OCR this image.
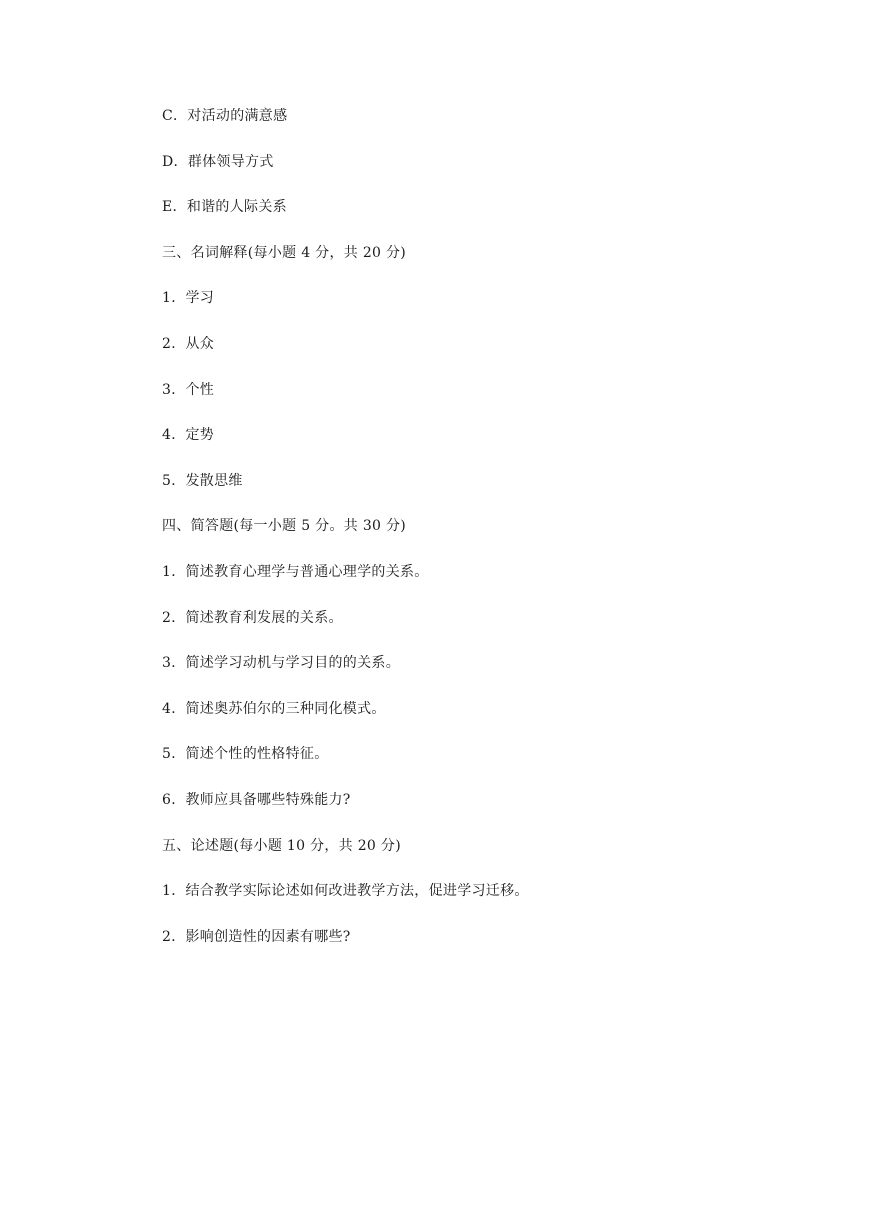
C．对活动的满意感
D．群体领导方式
E．和谐的人际关系
三、名词解释(每小题 4 分，共 20 分)
1．学习
2．从众
3．个性
4．定势
5．发散思维
四、简答题(每一小题 5 分。共 30 分)
1．简述教育心理学与普通心理学的关系。
2．简述教育利发展的关系。
3．简述学习动机与学习目的的关系。
4．简述奥苏伯尔的三种同化模式。
5．简述个性的性格特征。
6．教师应具备哪些特殊能力?
五、论述题(每小题 10 分，共 20 分)
1．结合教学实际论述如何改进教学方法，促进学习迁移。
2．影响创造性的因素有哪些?
